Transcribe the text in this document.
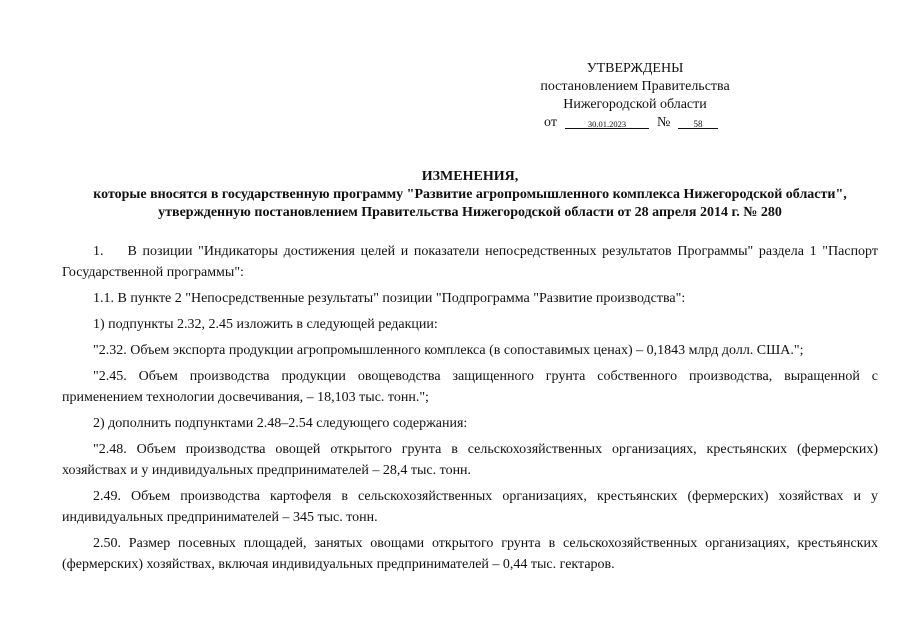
УТВЕРЖДЕНЫ
постановлением Правительства
Нижегородской области
от	30.01.2023	№	58
ИЗМЕНЕНИЯ,
которые вносятся в государственную программу "Развитие агропромышленного комплекса Нижегородской области",
утвержденную постановлением Правительства Нижегородской области от 28 апреля 2014 г. № 280

1. В позиции "Индикаторы достижения целей и показатели непосредственных результатов Программы" раздела 1 "Паспорт Государственной программы":

1.1. В пункте 2 "Непосредственные результаты" позиции "Подпрограмма "Развитие производства":

1) подпункты 2.32, 2.45 изложить в следующей редакции:

"2.32. Объем экспорта продукции агропромышленного комплекса (в сопоставимых ценах) – 0,1843 млрд долл. США.";

"2.45. Объем производства продукции овощеводства защищенного грунта собственного производства, выращенной с применением технологии досвечивания, – 18,103 тыс. тонн.";

2) дополнить подпунктами 2.48–2.54 следующего содержания:

"2.48. Объем производства овощей открытого грунта в сельскохозяйственных организациях, крестьянских (фермерских) хозяйствах и у индивидуальных предпринимателей – 28,4 тыс. тонн.

2.49. Объем производства картофеля в сельскохозяйственных организациях, крестьянских (фермерских) хозяйствах и у индивидуальных предпринимателей – 345 тыс. тонн.

2.50. Размер посевных площадей, занятых овощами открытого грунта в сельскохозяйственных организациях, крестьянских (фермерских) хозяйствах, включая индивидуальных предпринимателей – 0,44 тыс. гектаров.
